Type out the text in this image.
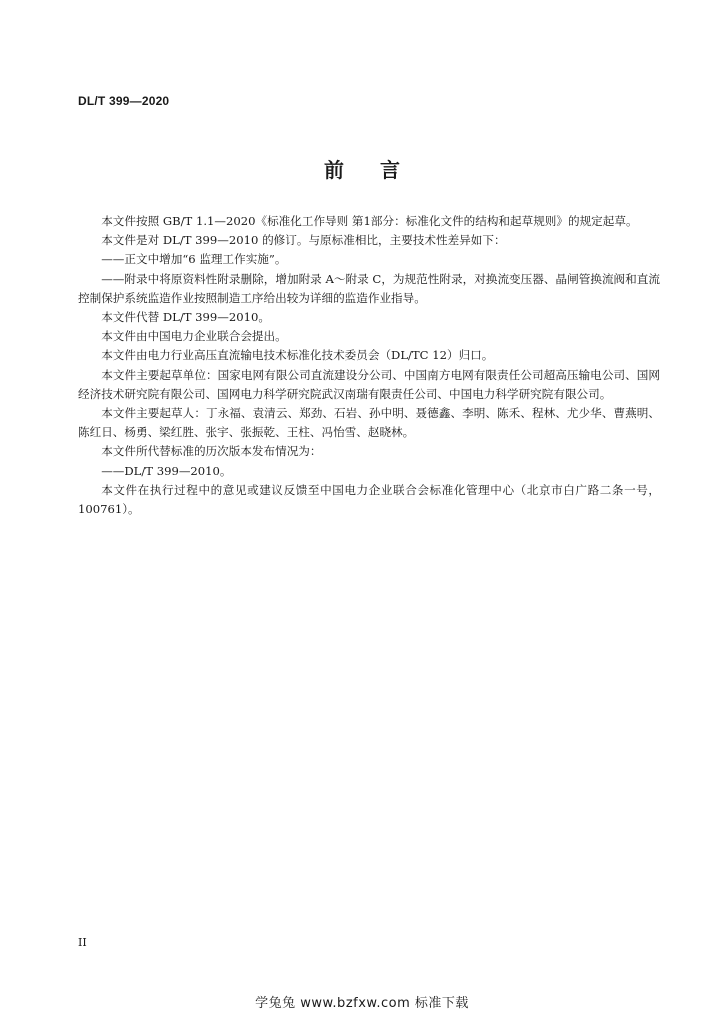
DL/T 399—2020
前言

本文件按照 GB/T 1.1—2020《标准化工作导则 第1部分：标准化文件的结构和起草规则》的规定起草。

本文件是对 DL/T 399—2010 的修订。与原标准相比，主要技术性差异如下：

——正文中增加“6 监理工作实施”。

——附录中将原资料性附录删除，增加附录 A～附录 C，为规范性附录，对换流变压器、晶闸管换流阀和直流控制保护系统监造作业按照制造工序给出较为详细的监造作业指导。

本文件代替 DL/T 399—2010。

本文件由中国电力企业联合会提出。

本文件由电力行业高压直流输电技术标准化技术委员会（DL/TC 12）归口。

本文件主要起草单位：国家电网有限公司直流建设分公司、中国南方电网有限责任公司超高压输电公司、国网经济技术研究院有限公司、国网电力科学研究院武汉南瑞有限责任公司、中国电力科学研究院有限公司。

本文件主要起草人：丁永福、袁清云、郑劲、石岩、孙中明、聂德鑫、李明、陈禾、程林、尤少华、曹燕明、陈红日、杨勇、梁红胜、张宇、张振乾、王柱、冯怡雪、赵晓林。

本文件所代替标准的历次版本发布情况为：

——DL/T 399—2010。

本文件在执行过程中的意见或建议反馈至中国电力企业联合会标准化管理中心（北京市白广路二条一号，100761）。

II
学兔兔 www.bzfxw.com 标准下载
